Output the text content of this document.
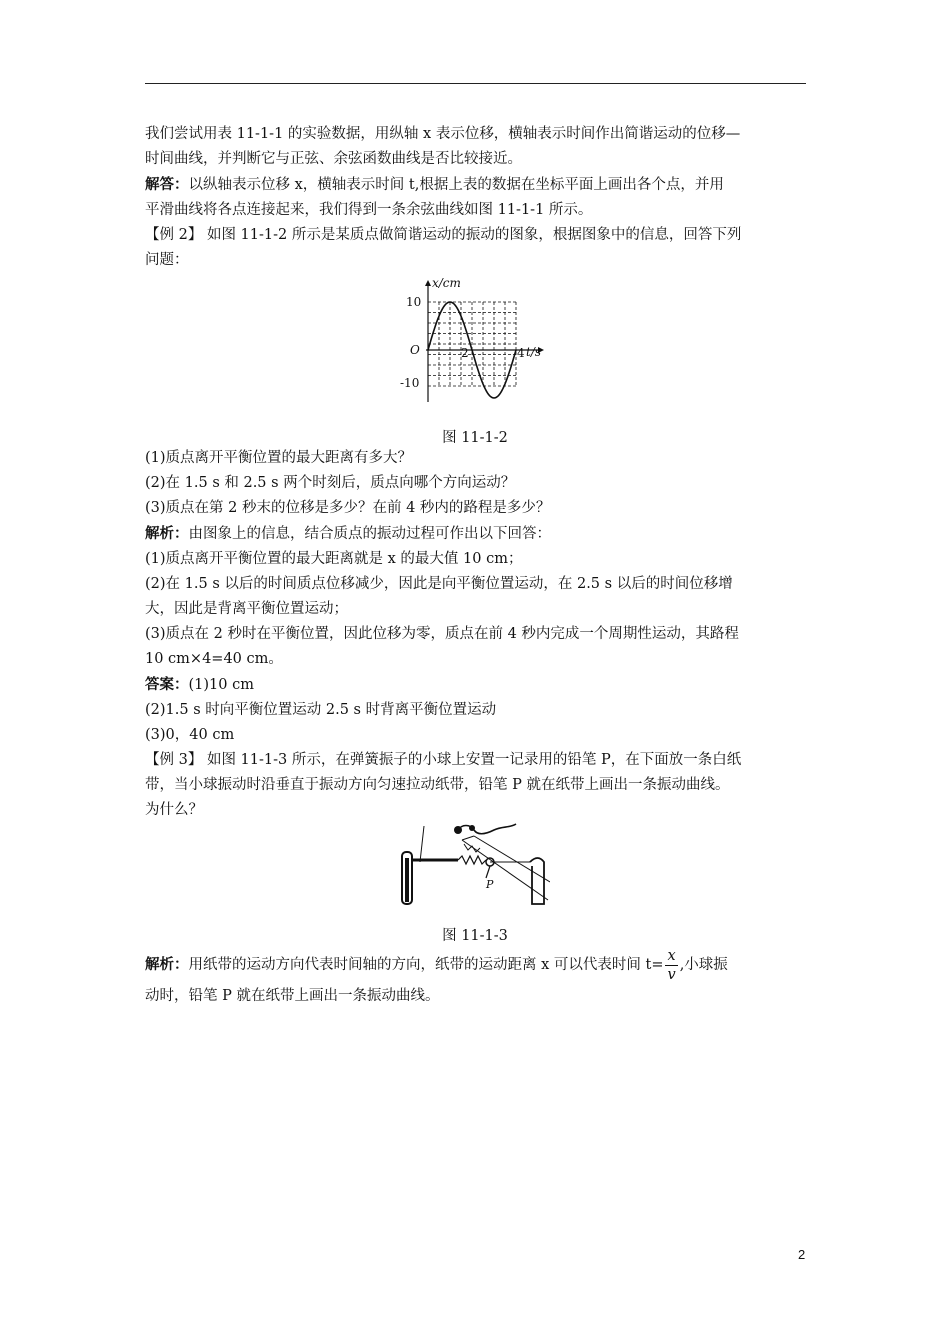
我们尝试用表 11-1-1 的实验数据，用纵轴 x 表示位移，横轴表示时间作出简谐运动的位移—

时间曲线，并判断它与正弦、余弦函数曲线是否比较接近。

解答：以纵轴表示位移 x，横轴表示时间 t,根据上表的数据在坐标平面上画出各个点，并用

平滑曲线将各点连接起来，我们得到一条余弦曲线如图 11-1-1 所示。

【例 2】 如图 11-1-2 所示是某质点做简谐运动的振动的图象，根据图象中的信息，回答下列

问题：

x/cm
t/s
O
10
-10
2	4
图 11-1-2

(1)质点离开平衡位置的最大距离有多大？

(2)在 1.5 s 和 2.5 s 两个时刻后，质点向哪个方向运动？

(3)质点在第 2 秒末的位移是多少？在前 4 秒内的路程是多少？

解析：由图象上的信息，结合质点的振动过程可作出以下回答：

(1)质点离开平衡位置的最大距离就是 x 的最大值 10 cm；

(2)在 1.5 s 以后的时间质点位移减少，因此是向平衡位置运动，在 2.5 s 以后的时间位移增

大，因此是背离平衡位置运动；

(3)质点在 2 秒时在平衡位置，因此位移为零，质点在前 4 秒内完成一个周期性运动，其路程

10 cm×4=40 cm。

答案：(1)10 cm

(2)1.5 s 时向平衡位置运动 2.5 s 时背离平衡位置运动

(3)0，40 cm

【例 3】 如图 11-1-3 所示，在弹簧振子的小球上安置一记录用的铅笔 P，在下面放一条白纸

带，当小球振动时沿垂直于振动方向匀速拉动纸带，铅笔 P 就在纸带上画出一条振动曲线。

为什么？

P
图 11-1-3

解析：用纸带的运动方向代表时间轴的方向，纸带的运动距离 x 可以代表时间 $t= \frac{x}{v}$ ,小球振

动时，铅笔 P 就在纸带上画出一条振动曲线。

2
